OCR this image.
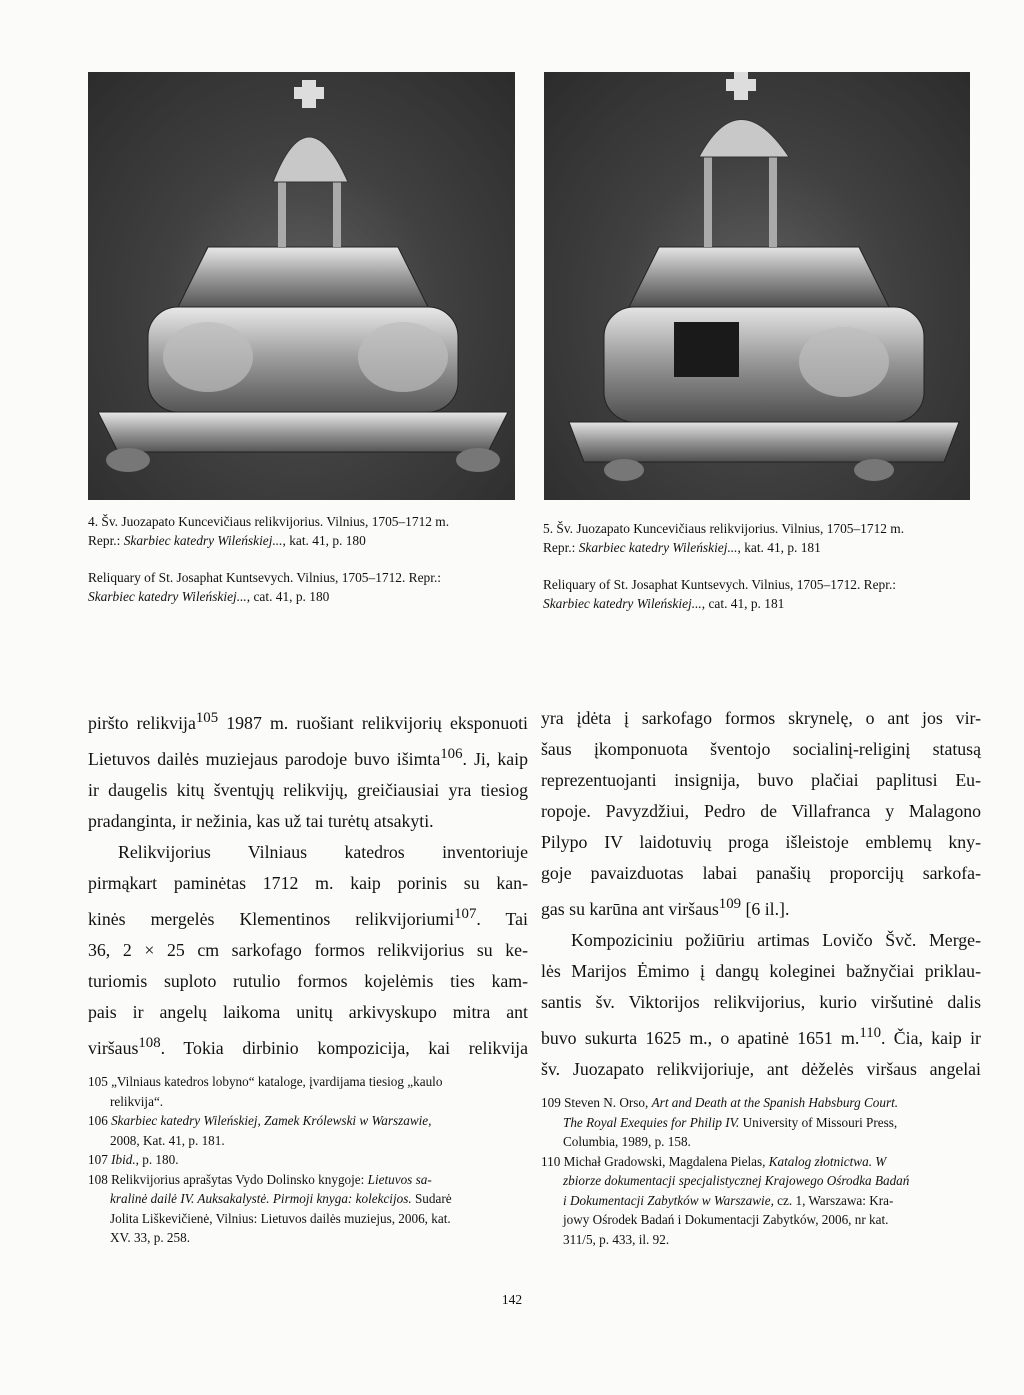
4. Šv. Juozapato Kuncevičiaus relikvijorius. Vilnius, 1705–1712 m.
Repr.: Skarbiec katedry Wileńskiej..., kat. 41, p. 180
Reliquary of St. Josaphat Kuntsevych. Vilnius, 1705–1712. Repr.:
Skarbiec katedry Wileńskiej..., cat. 41, p. 180
5. Šv. Juozapato Kuncevičiaus relikvijorius. Vilnius, 1705–1712 m.
Repr.: Skarbiec katedry Wileńskiej..., kat. 41, p. 181
Reliquary of St. Josaphat Kuntsevych. Vilnius, 1705–1712. Repr.:
Skarbiec katedry Wileńskiej..., cat. 41, p. 181
piršto relikvija$^{105}$ 1987 m. ruošiant relikvijorių eksponuoti
Lietuvos dailės muziejaus parodoje buvo išimta$^{106}$. Ji, kaip
ir daugelis kitų šventųjų relikvijų, greičiausiai yra tiesiog
pradanginta, ir nežinia, kas už tai turėtų atsakyti.
Relikvijorius Vilniaus katedros inventoriuje
pirmąkart paminėtas 1712 m. kaip porinis su kan-
kinės mergelės Klementinos relikvijoriumi$^{107}$. Tai
36, 2 × 25 cm sarkofago formos relikvijorius su ke-
turiomis suploto rutulio formos kojelėmis ties kam-
pais ir angelų laikoma unitų arkivyskupo mitra ant
viršaus$^{108}$. Tokia dirbinio kompozicija, kai relikvija
yra įdėta į sarkofago formos skrynelę, o ant jos vir-
šaus įkomponuota šventojo socialinį-religinį statusą
reprezentuojanti insignija, buvo plačiai paplitusi Eu-
ropoje. Pavyzdžiui, Pedro de Villafranca y Malagono
Pilypo IV laidotuvių proga išleistoje emblemų kny-
goje pavaizduotas labai panašių proporcijų sarkofa-
gas su karūna ant viršaus$^{109}$ [6 il.].
Kompoziciniu požiūriu artimas Lovičo Švč. Merge-
lės Marijos Ėmimo į dangų koleginei bažnyčiai priklau-
santis šv. Viktorijos relikvijorius, kurio viršutinė dalis
buvo sukurta 1625 m., o apatinė 1651 m.$^{110}$. Čia, kaip ir
šv. Juozapato relikvijoriuje, ant dėželės viršaus angelai
105 „Vilniaus katedros lobyno“ kataloge, įvardijama tiesiog „kaulo
relikvija“.
106 Skarbiec katedry Wileńskiej, Zamek Królewski w Warszawie,
2008, Kat. 41, p. 181.
107 Ibid., p. 180.
108 Relikvijorius aprašytas Vydo Dolinsko knygoje: Lietuvos sa-
kralinė dailė IV. Auksakalystė. Pirmoji knyga: kolekcijos. Sudarė
Jolita Liškevičienė, Vilnius: Lietuvos dailės muziejus, 2006, kat.
XV. 33, p. 258.
109 Steven N. Orso, Art and Death at the Spanish Habsburg Court.
The Royal Exequies for Philip IV. University of Missouri Press,
Columbia, 1989, p. 158.
110 Michał Gradowski, Magdalena Pielas, Katalog złotnictwa. W
zbiorze dokumentacji specjalistycznej Krajowego Ośrodka Badań
i Dokumentacji Zabytków w Warszawie, cz. 1, Warszawa: Kra-
jowy Ośrodek Badań i Dokumentacji Zabytków, 2006, nr kat.
311/5, p. 433, il. 92.
142
